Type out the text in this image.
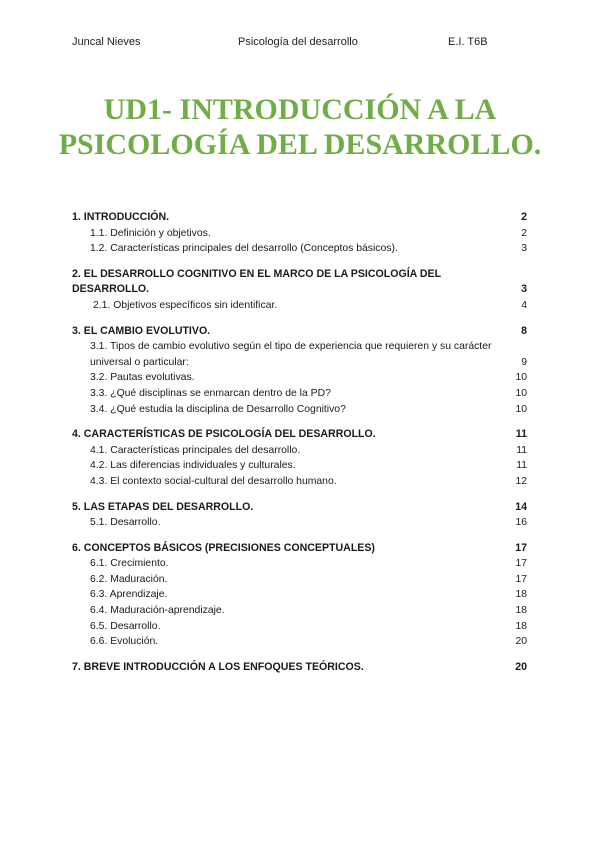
Juncal Nieves	Psicología del desarrollo	E.I. T6B
UD1- INTRODUCCIÓN A LA
PSICOLOGÍA DEL DESARROLLO.
1. INTRODUCCIÓN.	2
1.1. Definición y objetivos.	2
1.2. Características principales del desarrollo (Conceptos básicos).	3
2. EL DESARROLLO COGNITIVO EN EL MARCO DE LA PSICOLOGÍA DEL DESARROLLO.	3
2.1. Objetivos específicos sin identificar.	4
3. EL CAMBIO EVOLUTIVO.	8
3.1. Tipos de cambio evolutivo según el tipo de experiencia que requieren y su carácter universal o particular:	9
3.2. Pautas evolutivas.	10
3.3. ¿Qué disciplinas se enmarcan dentro de la PD?	10
3.4. ¿Qué estudia la disciplina de Desarrollo Cognitivo?	10
4. CARACTERÍSTICAS DE PSICOLOGÍA DEL DESARROLLO.	11
4.1. Características principales del desarrollo.	11
4.2. Las diferencias individuales y culturales.	11
4.3. El contexto social-cultural del desarrollo humano.	12
5. LAS ETAPAS DEL DESARROLLO.	14
5.1. Desarrollo.	16
6. CONCEPTOS BÁSICOS (PRECISIONES CONCEPTUALES)	17
6.1. Crecimiento.	17
6.2. Maduración.	17
6.3. Aprendizaje.	18
6.4. Maduración-aprendizaje.	18
6.5. Desarrollo.	18
6.6. Evolución.	20
7. BREVE INTRODUCCIÓN A LOS ENFOQUES TEÓRICOS.	20
